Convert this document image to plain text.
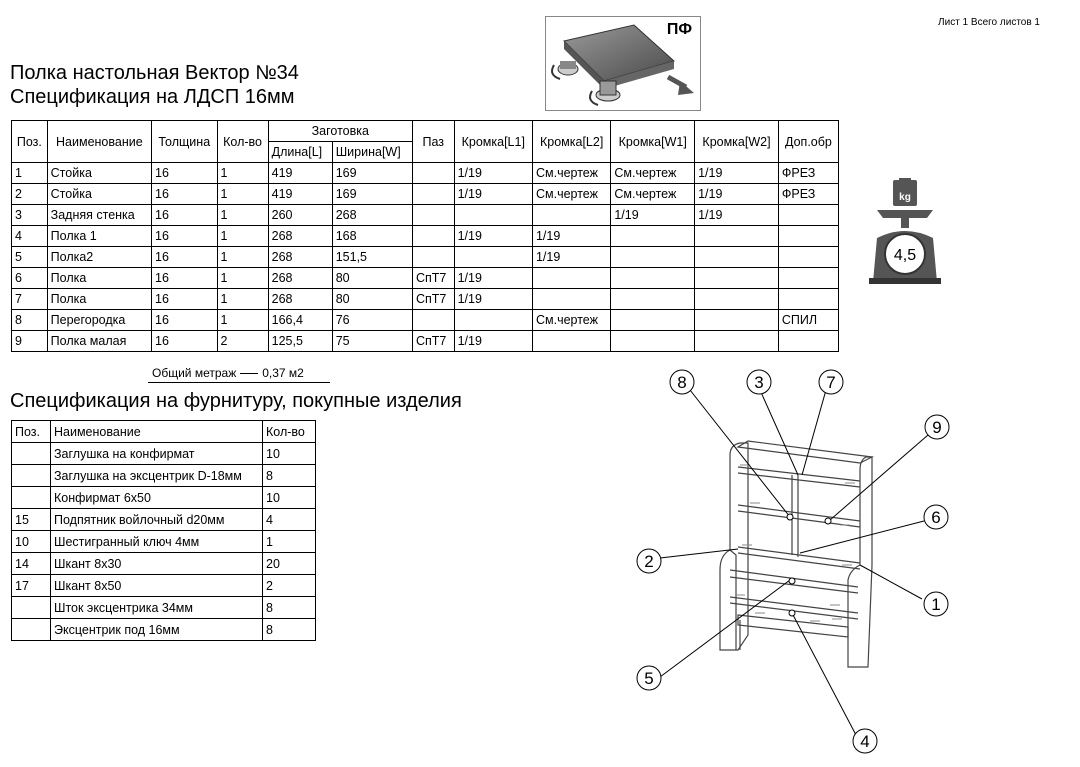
Лист 1 Всего листов 1
Полка настольная Вектор №34
Спецификация на ЛДСП 16мм
ПФ
Поз.	Наименование	Толщина	Кол-во	Заготовка		Паз	Кромка[L1]	Кромка[L2]	Кромка[W1]	Кромка[W2]	Доп.обр
				Длина[L]	Ширина[W]						
1	Стойка	16	1	419	169		1/19	См.чертеж	См.чертеж	1/19	ФРЕЗ
2	Стойка	16	1	419	169		1/19	См.чертеж	См.чертеж	1/19	ФРЕЗ
3	Задняя стенка	16	1	260	268				1/19	1/19	
4	Полка 1	16	1	268	168		1/19	1/19			
5	Полка2	16	1	268	151,5			1/19			
6	Полка	16	1	268	80	СпТ7	1/19				
7	Полка	16	1	268	80	СпТ7	1/19				
8	Перегородка	16	1	166,4	76			См.чертеж			СПИЛ
9	Полка малая	16	2	125,5	75	СпТ7	1/19				
Общий метраж 0,37 м2
Спецификация на фурнитуру, покупные изделия
Поз.	Наименование	Кол-во
	Заглушка на конфирмат	10
	Заглушка на эксцентрик D-18мм	8
	Конфирмат 6х50	10
15	Подпятник войлочный d20мм	4
10	Шестигранный ключ 4мм	1
14	Шкант 8х30	20
17	Шкант 8х50	2
	Шток эксцентрика 34мм	8
	Эксцентрик под 16мм	8
kg
4,5
8	3	7
9
6
2
1
5
4
